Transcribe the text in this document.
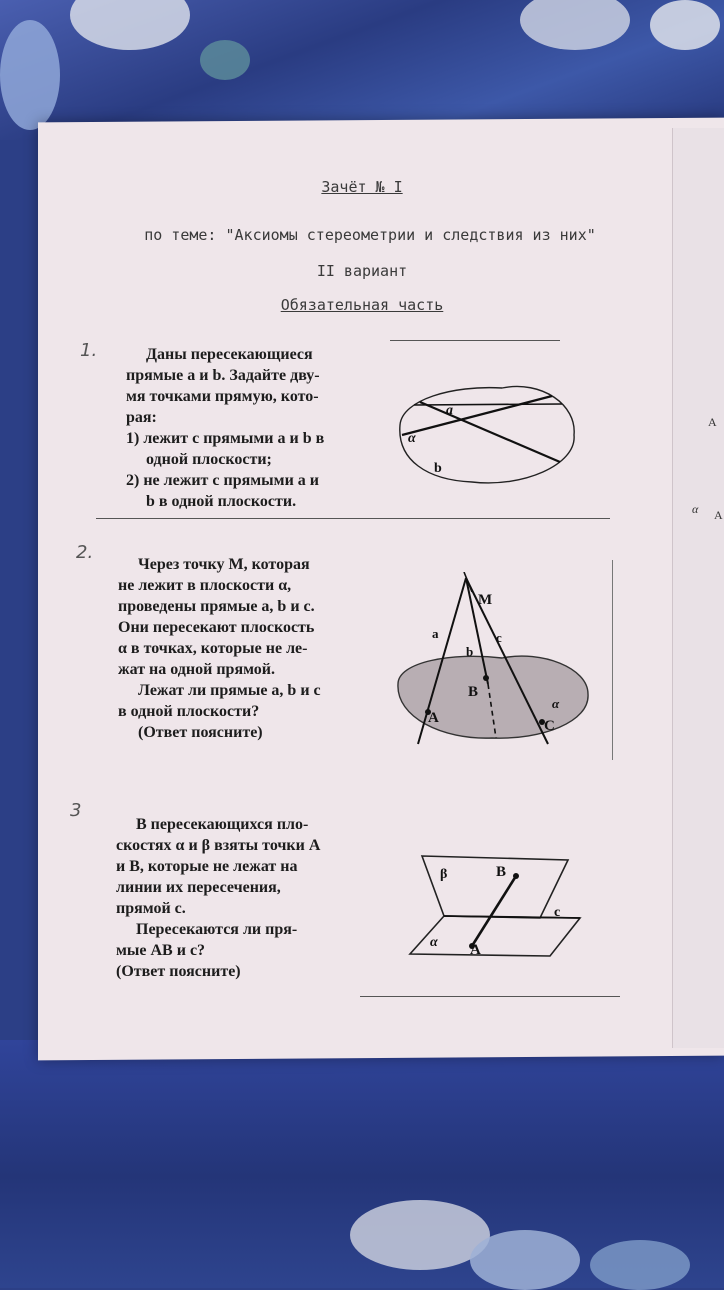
A
α A
Зачёт № I
по теме: "Аксиомы стереометрии и следствия из них"
II вариант
Обязательная часть
1.	Даны пересекающиеся

прямые a и b. Задайте дву-

мя точками прямую, кото-

рая:

1) лежит с прямыми a и b в

одной плоскости;

2) не лежит с прямыми a и

b в одной плоскости.

a
α
b
2.

Через точку М, которая

не лежит в плоскости α,

проведены прямые a, b и c.

Они пересекают плоскость

α в точках, которые не ле-

жат на одной прямой.

Лежат ли прямые a, b и c

в одной плоскости?

(Ответ поясните)

M
a
b
c
B
A	C
α
3

В пересекающихся пло-

скостях α и β взяты точки А

и В, которые не лежат на

линии их пересечения,

прямой с.

Пересекаются ли пря-

мые АВ и с?

(Ответ поясните)

β	B
c
α A
